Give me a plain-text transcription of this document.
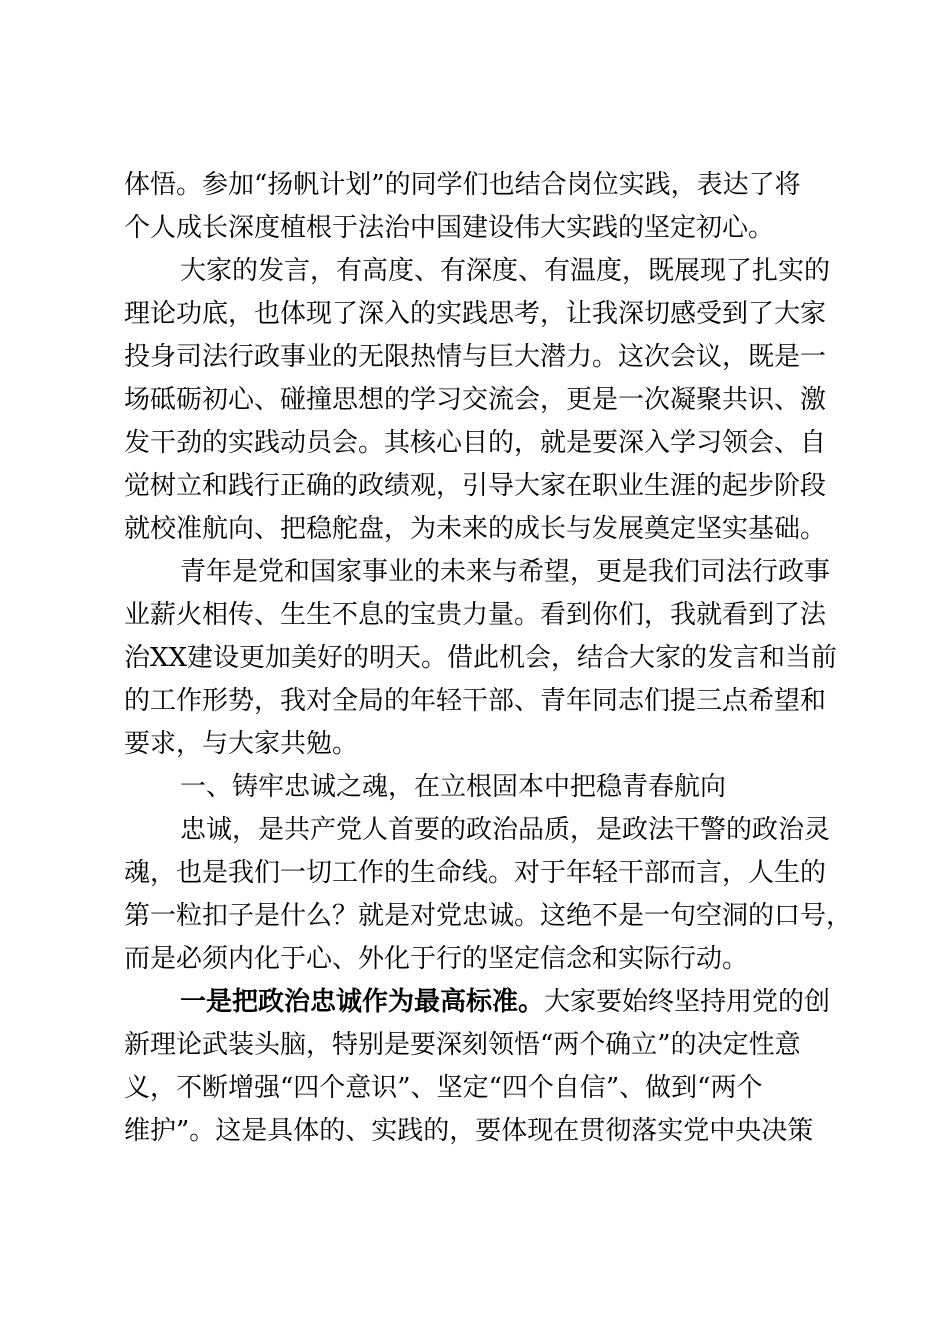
体悟。参加“扬帆计划”的同学们也结合岗位实践，表达了将
个人成长深度植根于法治中国建设伟大实践的坚定初心。
大家的发言，有高度、有深度、有温度，既展现了扎实的
理论功底，也体现了深入的实践思考，让我深切感受到了大家
投身司法行政事业的无限热情与巨大潜力。这次会议，既是一
场砥砺初心、碰撞思想的学习交流会，更是一次凝聚共识、激
发干劲的实践动员会。其核心目的，就是要深入学习领会、自
觉树立和践行正确的政绩观，引导大家在职业生涯的起步阶段
就校准航向、把稳舵盘，为未来的成长与发展奠定坚实基础。
青年是党和国家事业的未来与希望，更是我们司法行政事
业薪火相传、生生不息的宝贵力量。看到你们，我就看到了法
治XX建设更加美好的明天。借此机会，结合大家的发言和当前
的工作形势，我对全局的年轻干部、青年同志们提三点希望和
要求，与大家共勉。
一、铸牢忠诚之魂，在立根固本中把稳青春航向
忠诚，是共产党人首要的政治品质，是政法干警的政治灵
魂，也是我们一切工作的生命线。对于年轻干部而言，人生的
第一粒扣子是什么？就是对党忠诚。这绝不是一句空洞的口号，
而是必须内化于心、外化于行的坚定信念和实际行动。
一是把政治忠诚作为最高标准。大家要始终坚持用党的创
新理论武装头脑，特别是要深刻领悟“两个确立”的决定性意
义，不断增强“四个意识”、坚定“四个自信”、做到“两个
维护”。这是具体的、实践的，要体现在贯彻落实党中央决策
